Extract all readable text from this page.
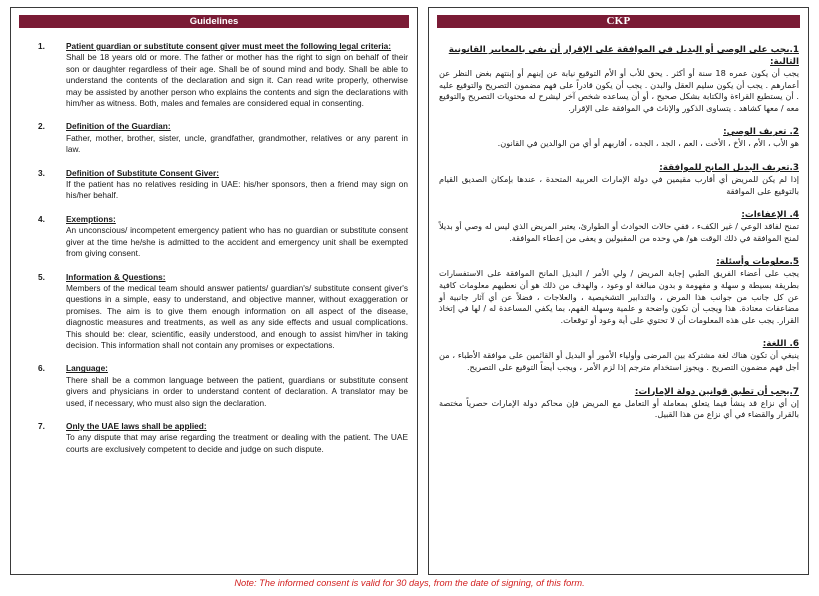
Guidelines
1.	Patient guardian or substitute consent giver must meet the following legal criteria:
Shall be 18 years old or more. The father or mother has the right to sign on behalf of their son or daughter regardless of their age. Shall be of sound mind and body. Shall be able to understand the contents of the declaration and sign it. Can read write properly, otherwise may be assisted by another person who explains the contents and sign the declarations with him/her as witness. Both, males and females are considered equal in consenting.
2.	Definition of the Guardian:
Father, mother, brother, sister, uncle, grandfather, grandmother, relatives or any parent in law.
3.	Definition of Substitute Consent Giver:
If the patient has no relatives residing in UAE: his/her sponsors, then a friend may sign on his/her behalf.
4.	Exemptions:
An unconscious/ incompetent emergency patient who has no guardian or substitute consent giver at the time he/she is admitted to the accident and emergency unit shall be exempted from giving consent.
5.	Information & Questions:
Members of the medical team should answer patients/ guardian's/ substitute consent giver's questions in a simple, easy to understand, and objective manner, without exaggeration or promises. The aim is to give them enough information on all aspect of the disease, diagnostic measures and treatments, as well as any side effects and usual complications. This should be: clear, scientific, easily understood, and enough to assist him/her in taking decision. This information shall not contain any promises or expectations.
6.	Language:
There shall be a common language between the patient, guardians or substitute consent givers and physicians in order to understand content of declaration. A translator may be used, if necessary, who must also sign the declaration.
7.	Only the UAE laws shall be applied:
To any dispute that may arise regarding the treatment or dealing with the patient. The UAE courts are exclusively competent to decide and judge on such dispute.
CKP
1.يجب على الوصي أو البديل في الموافقة على الإقرار أن يفي بالمعايير القانونية التالية:
يجب أن يكون عمره 18 سنة أو أكثر . يحق للأب أو الأم التوقيع نيابة عن إبنهم أو إبنتهم بغض النظر عن أعمارهم . يجب أن يكون سليم العقل والبدن . يجب أن يكون قادراً على فهم مضمون التصريح والتوقيع عليه . أن يستطيع القراءة والكتابة بشكل صحيح ، أو أن يساعده شخص آخر ليشرح له محتويات التصريح والتوقيع معه / معها كشاهد . يتساوى الذكور والإناث في الموافقة على الإقرار.
2. تعريف الوصي:
هو الأب ، الأم ، الأخ ، الأخت ، العم ، الجد ، الجده ، أقاربهم أو أي من الوالدين في القانون.
3.تعريف البديل المانح للموافقة:
إذا لم يكن للمريض أي أقارب مقيمين في دولة الإمارات العربية المتحدة ، عندها بإمكان الصديق القيام بالتوقيع على الموافقة
4. الإعفاءات:
تمنح لفاقد الوعي / غير الكفء ، ففي حالات الحوادث أو الطوارئ، يعتبر المريض الذي ليس له وصي أو بديلاً لمنح الموافقة في ذلك الوقت هو/ هي وحده من المقبولين و يعفى من إعطاء الموافقة.
5.معلومات وأسئلة:
يجب على أعضاء الفريق الطبي إجابة المريض / ولي الأمر / البديل المانح الموافقة على الاستفسارات بطريقة بسيطة و سهلة و مفهومة و بدون مبالغة او وعود ، والهدف من ذلك هو أن نعطيهم معلومات كافية عن كل جانب من جوانب هذا المرض ، والتدابير التشخيصية ، والعلاجات ، فضلاً عن أي آثار جانبية أو مضاعفات معتادة. هذا ويجب أن تكون واضحة و علمية وسهلة الفهم، بما يكفي المساعدة له / لها في إتخاذ القرار. يجب على هذه المعلومات أن لا تحتوي على أية وعود أو توقعات.
6. اللغة:
ينبغي أن تكون هناك لغة مشتركة بين المرضى وأولياء الأمور أو البديل أو القائمين على موافقة الأطباء ، من أجل فهم مضمون التصريح . ويجوز استخدام مترجم إذا لزم الأمر ، ويجب أيضاً التوقيع على التصريح.
7.يجب أن تطبق قوانين دولة الإمارات:
إن أي نزاع قد ينشأ فيما يتعلق بمعاملة أو التعامل مع المريض فإن محاكم دولة الإمارات حصرياً مختصة بالقرار والقضاء في أي نزاع من هذا القبيل.
Note: The informed consent is valid for 30 days, from the date of signing, of this form.
